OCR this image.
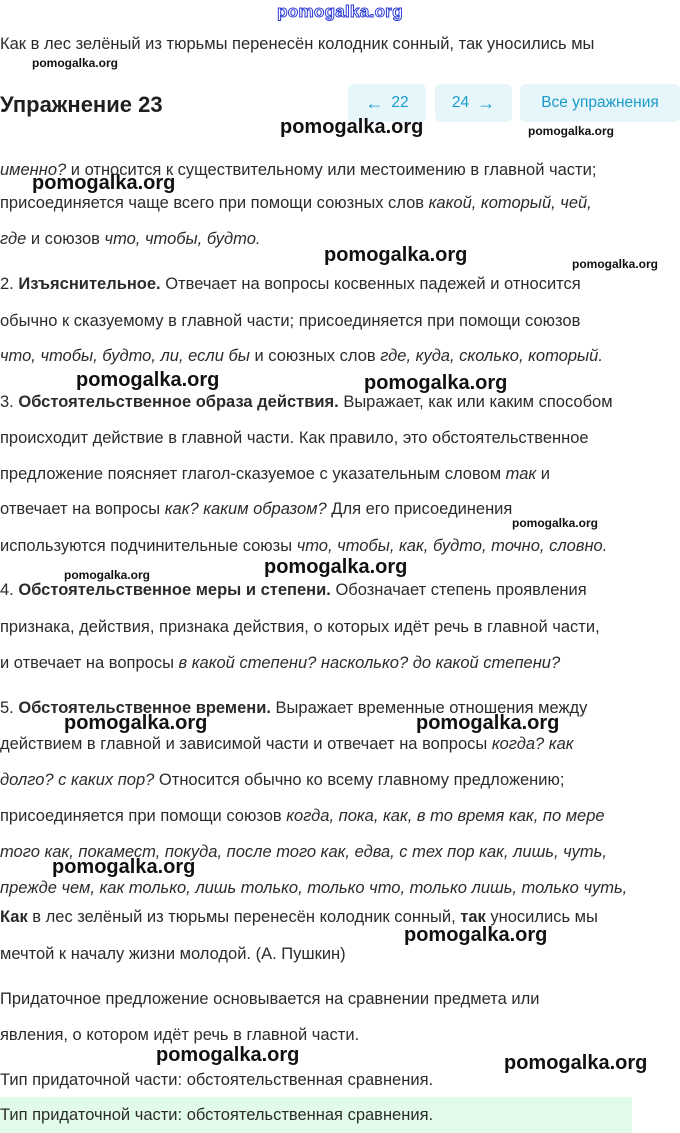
pomogalka.org
Как в лес зелёный из тюрьмы перенесён колодник сонный, так уносились мы
Упражнение 23	← 22	24 →	Все упражнения
именно? и относится к существительному или местоимению в главной части;
присоединяется чаще всего при помощи союзных слов какой, который, чей,
где и союзов что, чтобы, будто.
2. Изъяснительное. Отвечает на вопросы косвенных падежей и относится
обычно к сказуемому в главной части; присоединяется при помощи союзов
что, чтобы, будто, ли, если бы и союзных слов где, куда, сколько, который.
3. Обстоятельственное образа действия. Выражает, как или каким способом
происходит действие в главной части. Как правило, это обстоятельственное
предложение поясняет глагол-сказуемое с указательным словом так и
отвечает на вопросы как? каким образом? Для его присоединения
используются подчинительные союзы что, чтобы, как, будто, точно, словно.
4. Обстоятельственное меры и степени. Обозначает степень проявления
признака, действия, признака действия, о которых идёт речь в главной части,
и отвечает на вопросы в какой степени? насколько? до какой степени?
5. Обстоятельственное времени. Выражает временные отношения между
действием в главной и зависимой части и отвечает на вопросы когда? как
долго? с каких пор? Относится обычно ко всему главному предложению;
присоединяется при помощи союзов когда, пока, как, в то время как, по мере
того как, покамест, покуда, после того как, едва, с тех пор как, лишь, чуть,
прежде чем, как только, лишь только, только что, только лишь, только чуть,
Как в лес зелёный из тюрьмы перенесён колодник сонный, так уносились мы
мечтой к началу жизни молодой. (А. Пушкин)
Придаточное предложение основывается на сравнении предмета или
явления, о котором идёт речь в главной части.
Тип придаточной части: обстоятельственная сравнения.
Тип придаточной части: обстоятельственная сравнения.
pomogalka.org
pomogalka.org	pomogalka.org
pomogalka.org
pomogalka.org	pomogalka.org
pomogalka.org	pomogalka.org
pomogalka.org
pomogalka.org
pomogalka.org
pomogalka.org	pomogalka.org
pomogalka.org
pomogalka.org
pomogalka.org	pomogalka.org
